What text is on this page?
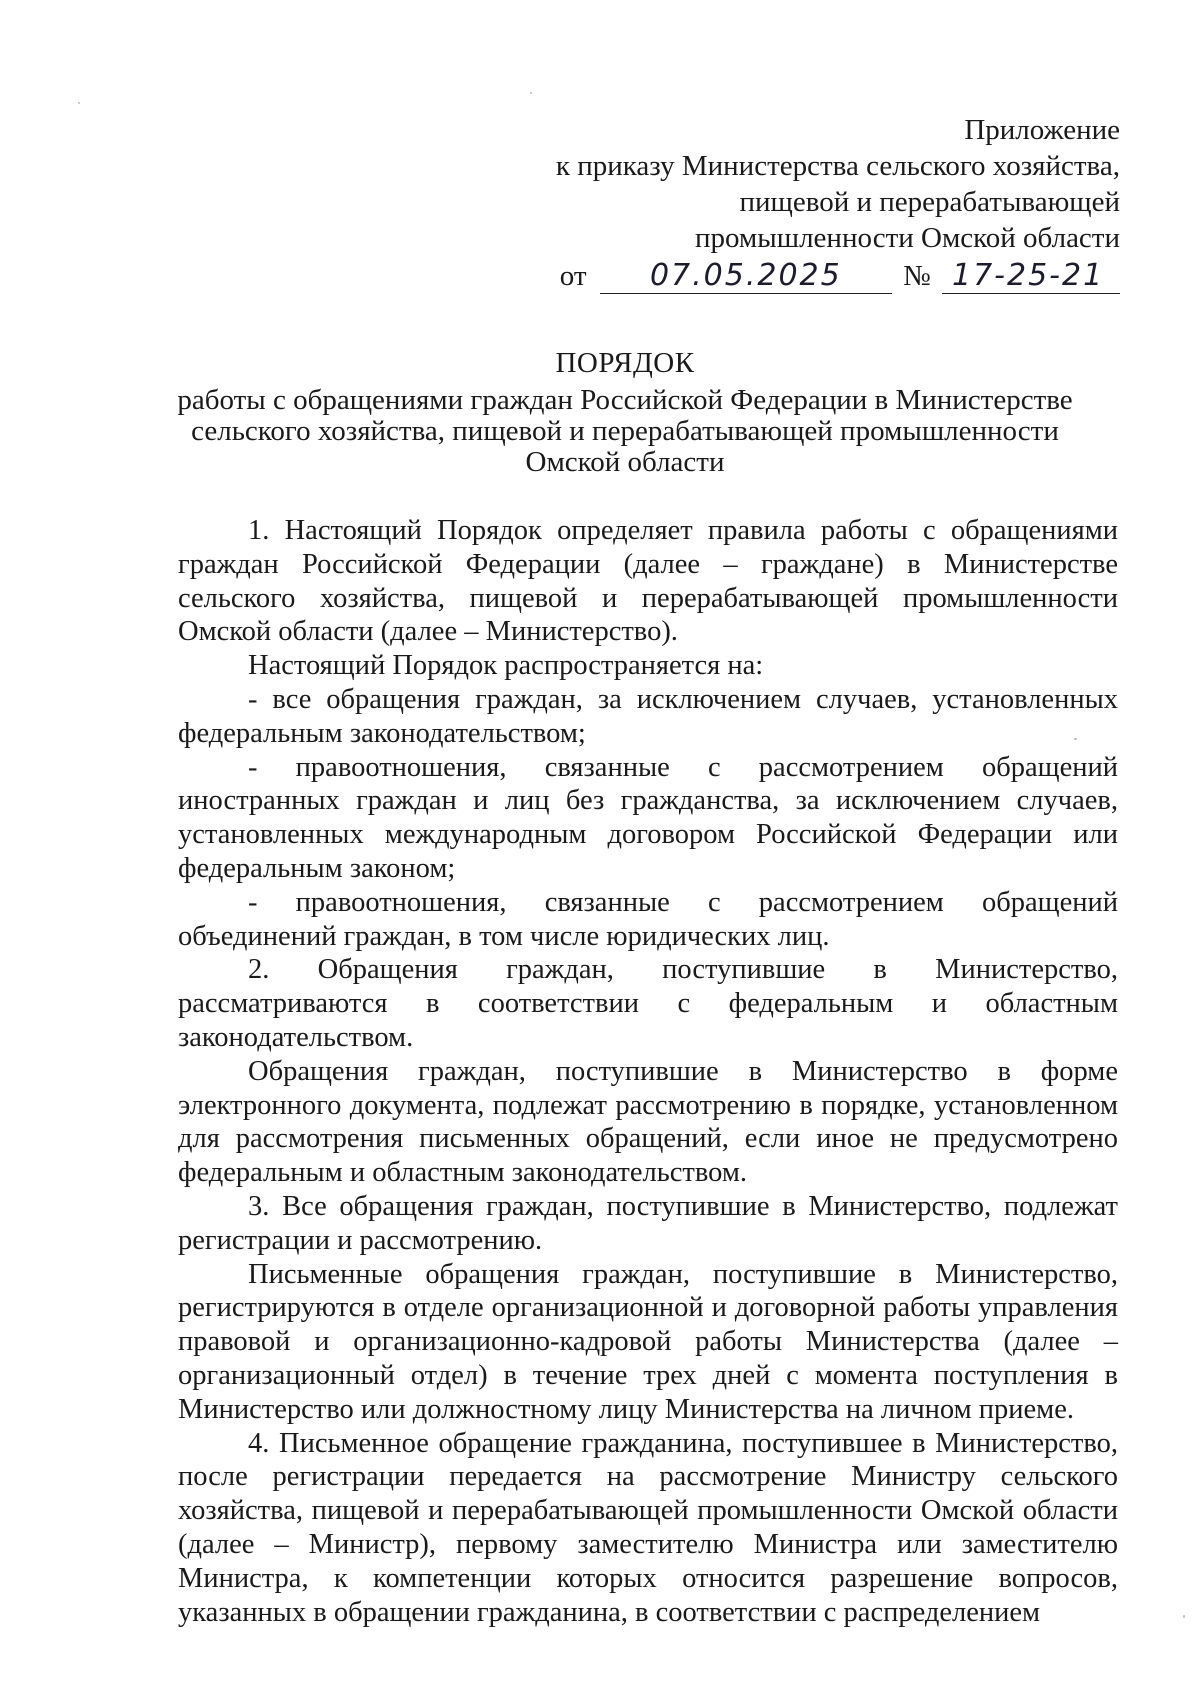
Приложение
к приказу Министерства сельского хозяйства,
пищевой и перерабатывающей
промышленности Омской области
от 07.05.2025 № 17-25-21
ПОРЯДОК
работы с обращениями граждан Российской Федерации в Министерстве
сельского хозяйства, пищевой и перерабатывающей промышленности
Омской области

1. Настоящий Порядок определяет правила работы с обращениями граждан Российской Федерации (далее – граждане) в Министерстве сельского хозяйства, пищевой и перерабатывающей промышленности Омской области (далее – Министерство).

Настоящий Порядок распространяется на:

- все обращения граждан, за исключением случаев, установленных федеральным законодательством;

- правоотношения, связанные с рассмотрением обращений иностранных граждан и лиц без гражданства, за исключением случаев, установленных международным договором Российской Федерации или федеральным законом;

- правоотношения, связанные с рассмотрением обращений объединений граждан, в том числе юридических лиц.

2. Обращения граждан, поступившие в Министерство, рассматриваются в соответствии с федеральным и областным законодательством.

Обращения граждан, поступившие в Министерство в форме электронного документа, подлежат рассмотрению в порядке, установленном для рассмотрения письменных обращений, если иное не предусмотрено федеральным и областным законодательством.

3. Все обращения граждан, поступившие в Министерство, подлежат регистрации и рассмотрению.

Письменные обращения граждан, поступившие в Министерство, регистрируются в отделе организационной и договорной работы управления правовой и организационно-кадровой работы Министерства (далее – организационный отдел) в течение трех дней с момента поступления в Министерство или должностному лицу Министерства на личном приеме.

4. Письменное обращение гражданина, поступившее в Министерство, после регистрации передается на рассмотрение Министру сельского хозяйства, пищевой и перерабатывающей промышленности Омской области (далее – Министр), первому заместителю Министра или заместителю Министра, к компетенции которых относится разрешение вопросов, указанных в обращении гражданина, в соответствии с распределением
